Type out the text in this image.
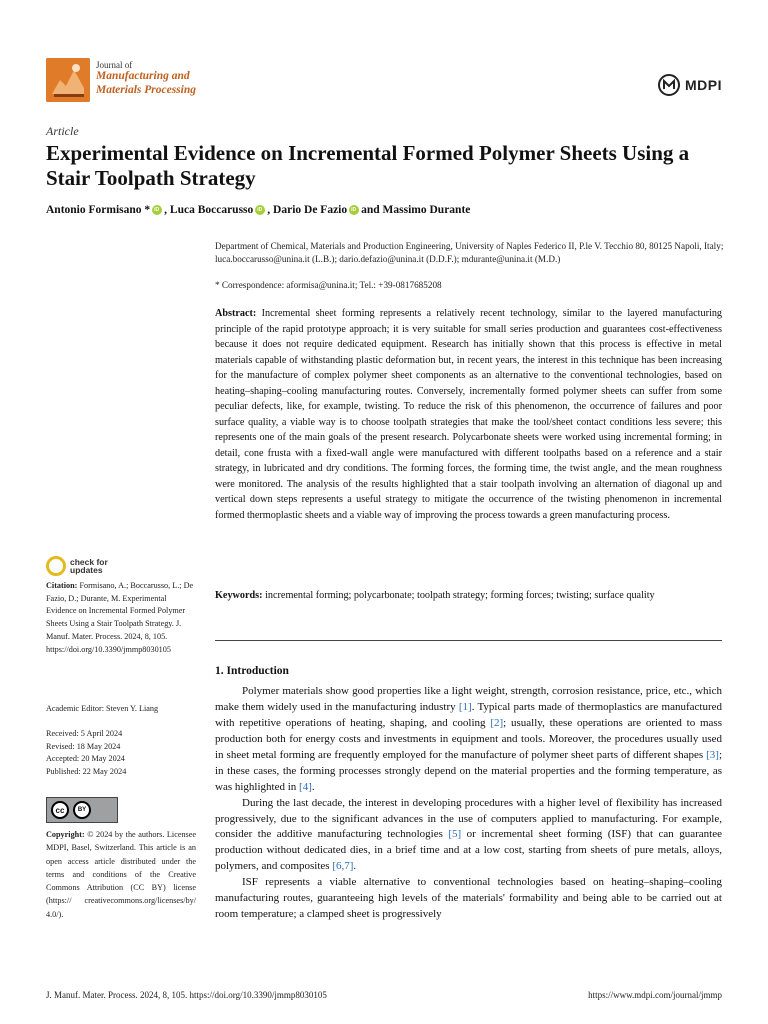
Journal of
Manufacturing and
Materials Processing	MDPI
Article
Experimental Evidence on Incremental Formed Polymer Sheets Using a Stair Toolpath Strategy
Antonio Formisano * iD , Luca Boccarusso iD , Dario De Fazio iD and Massimo Durante
Department of Chemical, Materials and Production Engineering, University of Naples Federico II, P.le V. Tecchio 80, 80125 Napoli, Italy; luca.boccarusso@unina.it (L.B.); dario.defazio@unina.it (D.D.F.); mdurante@unina.it (M.D.)
* Correspondence: aformisa@unina.it; Tel.: +39-0817685208
Abstract: Incremental sheet forming represents a relatively recent technology, similar to the layered manufacturing principle of the rapid prototype approach; it is very suitable for small series production and guarantees cost-effectiveness because it does not require dedicated equipment. Research has initially shown that this process is effective in metal materials capable of withstanding plastic deformation but, in recent years, the interest in this technique has been increasing for the manufacture of complex polymer sheet components as an alternative to the conventional technologies, based on heating–shaping–cooling manufacturing routes. Conversely, incrementally formed polymer sheets can suffer from some peculiar defects, like, for example, twisting. To reduce the risk of this phenomenon, the occurrence of failures and poor surface quality, a viable way is to choose toolpath strategies that make the tool/sheet contact conditions less severe; this represents one of the main goals of the present research. Polycarbonate sheets were worked using incremental forming; in detail, cone frusta with a fixed-wall angle were manufactured with different toolpaths based on a reference and a stair strategy, in lubricated and dry conditions. The forming forces, the forming time, the twist angle, and the mean roughness were monitored. The analysis of the results highlighted that a stair toolpath involving an alternation of diagonal up and vertical down steps represents a useful strategy to mitigate the occurrence of the twisting phenomenon in incremental formed thermoplastic sheets and a viable way of improving the process towards a green manufacturing process.
Keywords: incremental forming; polycarbonate; toolpath strategy; forming forces; twisting; surface quality
check for
updates
Citation: Formisano, A.; Boccarusso, L.; De Fazio, D.; Durante, M. Experimental Evidence on Incremental Formed Polymer Sheets Using a Stair Toolpath Strategy. J. Manuf. Mater. Process. 2024, 8, 105. https://doi.org/10.3390/jmmp8030105
Academic Editor: Steven Y. Liang
Received: 5 April 2024
Revised: 18 May 2024
Accepted: 20 May 2024
Published: 22 May 2024
cc	BY
Copyright: © 2024 by the authors. Licensee MDPI, Basel, Switzerland. This article is an open access article distributed under the terms and conditions of the Creative Commons Attribution (CC BY) license (https:// creativecommons.org/licenses/by/ 4.0/).
1. Introduction

Polymer materials show good properties like a light weight, strength, corrosion resistance, price, etc., which make them widely used in the manufacturing industry [1]. Typical parts made of thermoplastics are manufactured with repetitive operations of heating, shaping, and cooling [2]; usually, these operations are oriented to mass production both for energy costs and investments in equipment and tools. Moreover, the procedures usually used in sheet metal forming are frequently employed for the manufacture of polymer sheet parts of different shapes [3]; in these cases, the forming processes strongly depend on the material properties and the forming temperature, as was highlighted in [4].

During the last decade, the interest in developing procedures with a higher level of flexibility has increased progressively, due to the significant advances in the use of computers applied to manufacturing. For example, consider the additive manufacturing technologies [5] or incremental sheet forming (ISF) that can guarantee production without dedicated dies, in a brief time and at a low cost, starting from sheets of pure metals, alloys, polymers, and composites [6,7].

ISF represents a viable alternative to conventional technologies based on heating–shaping–cooling manufacturing routes, guaranteeing high levels of the materials' formability and being able to be carried out at room temperature; a clamped sheet is progressively

J. Manuf. Mater. Process. 2024, 8, 105. https://doi.org/10.3390/jmmp8030105	https://www.mdpi.com/journal/jmmp
